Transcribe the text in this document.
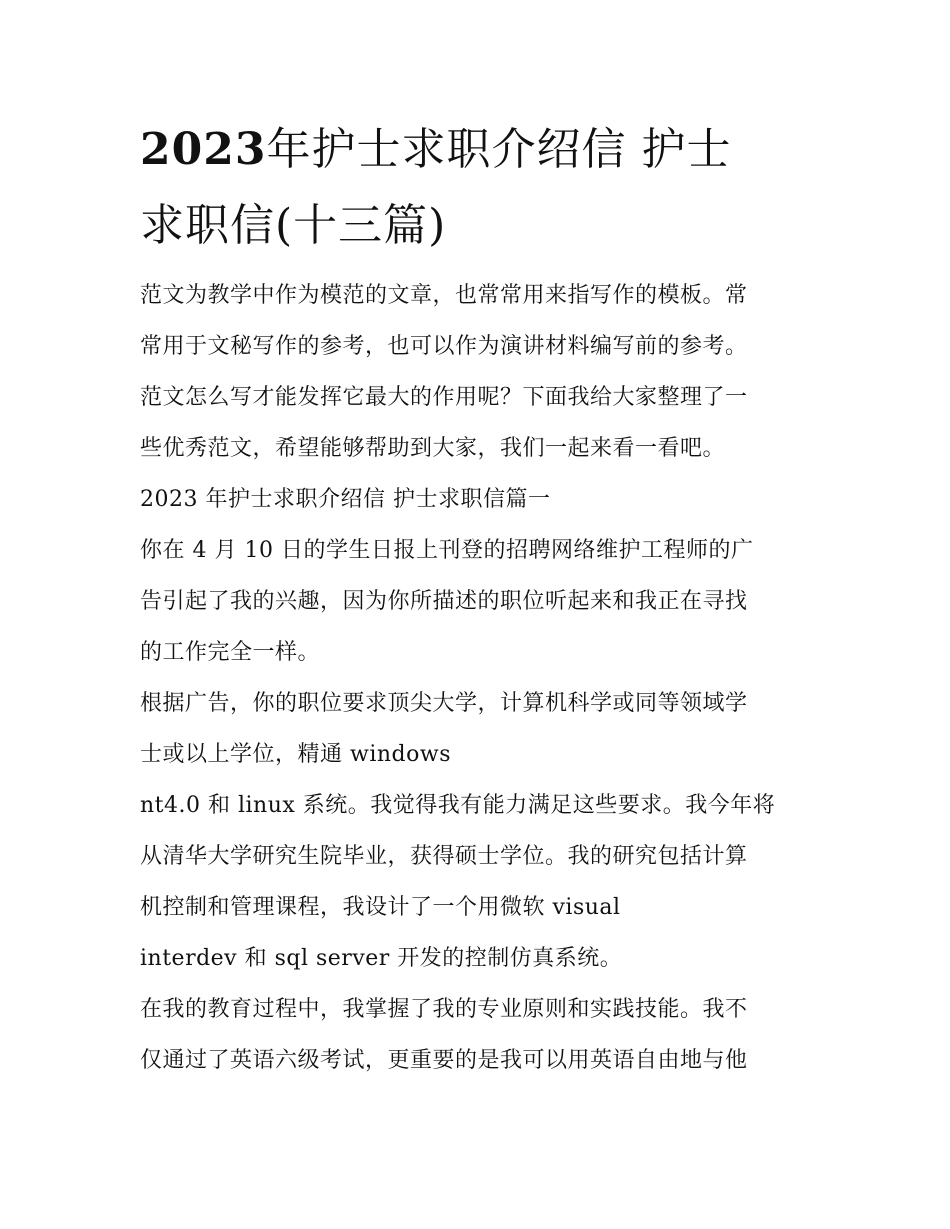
2023年护士求职介绍信 护士
求职信(十三篇)
范文为教学中作为模范的文章，也常常用来指写作的模板。常
常用于文秘写作的参考，也可以作为演讲材料编写前的参考。
范文怎么写才能发挥它最大的作用呢？下面我给大家整理了一
些优秀范文，希望能够帮助到大家，我们一起来看一看吧。
2023 年护士求职介绍信 护士求职信篇一
你在 4 月 10 日的学生日报上刊登的招聘网络维护工程师的广
告引起了我的兴趣，因为你所描述的职位听起来和我正在寻找
的工作完全一样。
根据广告，你的职位要求顶尖大学，计算机科学或同等领域学
士或以上学位，精通 windows
nt4.0 和 linux 系统。我觉得我有能力满足这些要求。我今年将
从清华大学研究生院毕业，获得硕士学位。我的研究包括计算
机控制和管理课程，我设计了一个用微软 visual
interdev 和 sql server 开发的控制仿真系统。
在我的教育过程中，我掌握了我的专业原则和实践技能。我不
仅通过了英语六级考试，更重要的是我可以用英语自由地与他
